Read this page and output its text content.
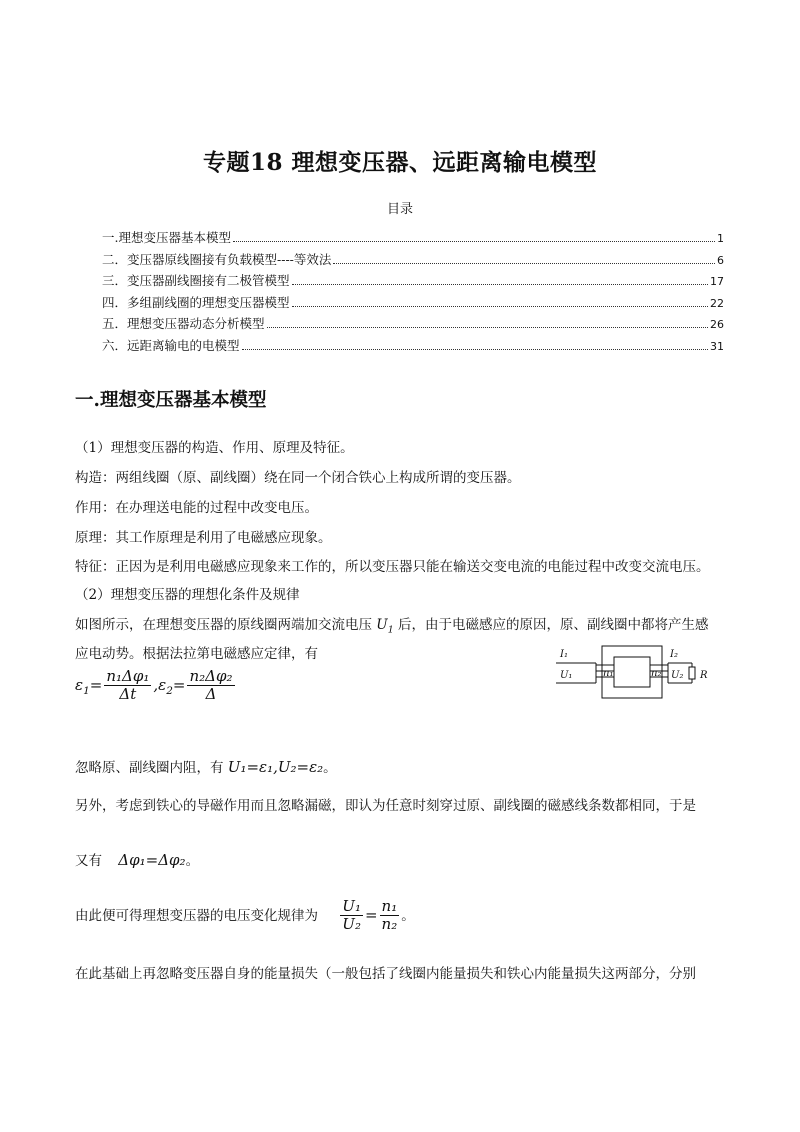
专题18 理想变压器、远距离输电模型
目录
一.理想变压器基本模型	1
二．变压器原线圈接有负载模型----等效法	6
三．变压器副线圈接有二极管模型	17
四．多组副线圈的理想变压器模型	22
五．理想变压器动态分析模型	26
六．远距离输电的电模型	31
一.理想变压器基本模型
（1）理想变压器的构造、作用、原理及特征。
构造：两组线圈（原、副线圈）绕在同一个闭合铁心上构成所谓的变压器。
作用：在办理送电能的过程中改变电压。
原理：其工作原理是利用了电磁感应现象。
特征：正因为是利用电磁感应现象来工作的，所以变压器只能在输送交变电流的电能过程中改变交流电压。
（2）理想变压器的理想化条件及规律
如图所示，在理想变压器的原线圈两端加交流电压 $U_1$ 后，由于电磁感应的原因，原、副线圈中都将产生感
应电动势。根据法拉第电磁感应定律，有
$\varepsilon_1= \frac{\text{n₁Δφ₁}}{\Delta t} ,\varepsilon_2= \frac{\text{n₂Δφ₂}}{\Delta}$
I₁
U₁	n₁	n₂
I₂
U₂ R
忽略原、副线圈内阻，有 U₁=ε₁,U₂=ε₂。
另外，考虑到铁心的导磁作用而且忽略漏磁，即认为任意时刻穿过原、副线圈的磁感线条数都相同，于是
又有 Δφ₁=Δφ₂。
由此便可得理想变压器的电压变化规律为 $\frac{\text{U₁}}{\text{U₂}} = \frac{\text{n₁}}{\text{n₂}}$ 。
在此基础上再忽略变压器自身的能量损失（一般包括了线圈内能量损失和铁心内能量损失这两部分，分别
